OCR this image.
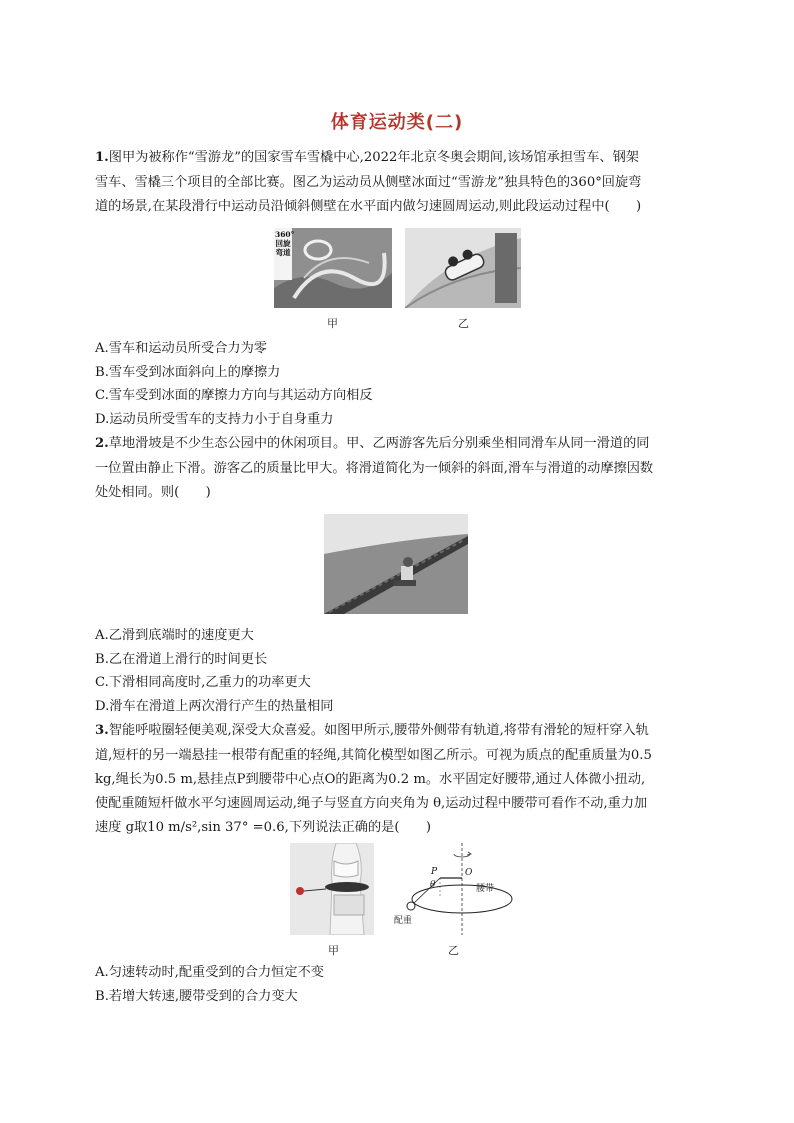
体育运动类(二)
1.图甲为被称作“雪游龙”的国家雪车雪橇中心,2022年北京冬奥会期间,该场馆承担雪车、钢架
雪车、雪橇三个项目的全部比赛。图乙为运动员从侧壁冰面过“雪游龙”独具特色的360°回旋弯
道的场景,在某段滑行中运动员沿倾斜侧壁在水平面内做匀速圆周运动,则此段运动过程中(　　)
360°回旋弯道
甲	乙
A.雪车和运动员所受合力为零
B.雪车受到冰面斜向上的摩擦力
C.雪车受到冰面的摩擦力方向与其运动方向相反
D.运动员所受雪车的支持力小于自身重力
2.草地滑坡是不少生态公园中的休闲项目。甲、乙两游客先后分别乘坐相同滑车从同一滑道的同
一位置由静止下滑。游客乙的质量比甲大。将滑道简化为一倾斜的斜面,滑车与滑道的动摩擦因数
处处相同。则(　　)
A.乙滑到底端时的速度更大
B.乙在滑道上滑行的时间更长
C.下滑相同高度时,乙重力的功率更大
D.滑车在滑道上两次滑行产生的热量相同
3.智能呼啦圈轻便美观,深受大众喜爱。如图甲所示,腰带外侧带有轨道,将带有滑轮的短杆穿入轨
道,短杆的另一端悬挂一根带有配重的轻绳,其简化模型如图乙所示。可视为质点的配重质量为0.5
kg,绳长为0.5 m,悬挂点P到腰带中心点O的距离为0.2 m。水平固定好腰带,通过人体微小扭动,
使配重随短杆做水平匀速圆周运动,绳子与竖直方向夹角为 θ,运动过程中腰带可看作不动,重力加
速度 g取10 m/s²,sin 37° =0.6,下列说法正确的是(　　)
P	O
θ	腰带
配重
甲	乙
A.匀速转动时,配重受到的合力恒定不变
B.若增大转速,腰带受到的合力变大
